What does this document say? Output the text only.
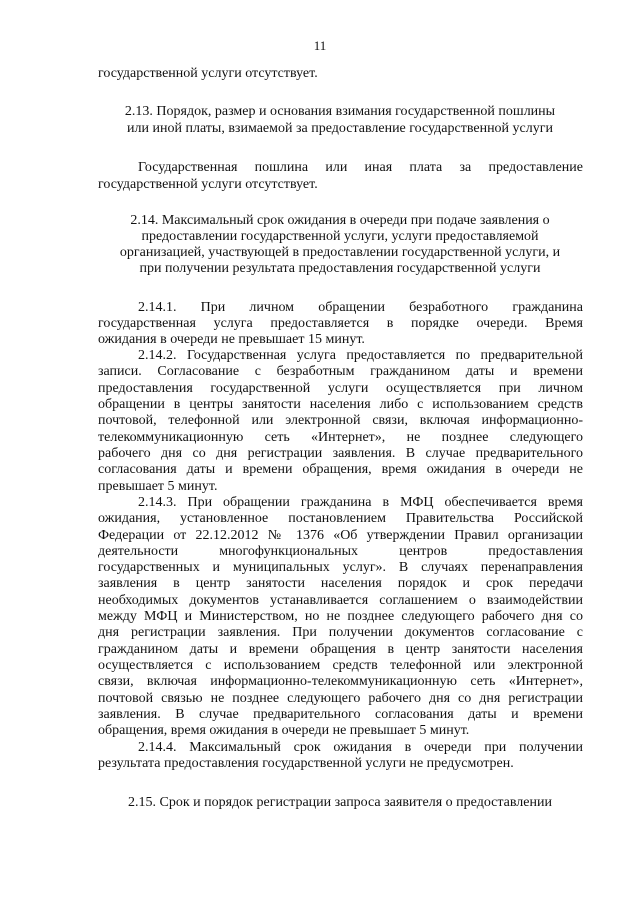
11
государственной услуги отсутствует.
2.13. Порядок, размер и основания взимания государственной пошлины
или иной платы, взимаемой за предоставление государственной услуги
Государственная пошлина или иная плата за предоставление
государственной услуги отсутствует.
2.14. Максимальный срок ожидания в очереди при подаче заявления о
предоставлении государственной услуги, услуги предоставляемой
организацией, участвующей в предоставлении государственной услуги, и
при получении результата предоставления государственной услуги
2.14.1. При личном обращении безработного гражданина
государственная услуга предоставляется в порядке очереди. Время
ожидания в очереди не превышает 15 минут.
2.14.2. Государственная услуга предоставляется по предварительной
записи. Согласование с безработным гражданином даты и времени
предоставления государственной услуги осуществляется при личном
обращении в центры занятости населения либо с использованием средств
почтовой, телефонной или электронной связи, включая информационно-
телекоммуникационную сеть «Интернет», не позднее следующего
рабочего дня со дня регистрации заявления. В случае предварительного
согласования даты и времени обращения, время ожидания в очереди не
превышает 5 минут.
2.14.3. При обращении гражданина в МФЦ обеспечивается время
ожидания, установленное постановлением Правительства Российской
Федерации от 22.12.2012 № 1376 «Об утверждении Правил организации
деятельности многофункциональных центров предоставления
государственных и муниципальных услуг». В случаях перенаправления
заявления в центр занятости населения порядок и срок передачи
необходимых документов устанавливается соглашением о взаимодействии
между МФЦ и Министерством, но не позднее следующего рабочего дня со
дня регистрации заявления. При получении документов согласование с
гражданином даты и времени обращения в центр занятости населения
осуществляется с использованием средств телефонной или электронной
связи, включая информационно-телекоммуникационную сеть «Интернет»,
почтовой связью не позднее следующего рабочего дня со дня регистрации
заявления. В случае предварительного согласования даты и времени
обращения, время ожидания в очереди не превышает 5 минут.
2.14.4. Максимальный срок ожидания в очереди при получении
результата предоставления государственной услуги не предусмотрен.
2.15. Срок и порядок регистрации запроса заявителя о предоставлении
